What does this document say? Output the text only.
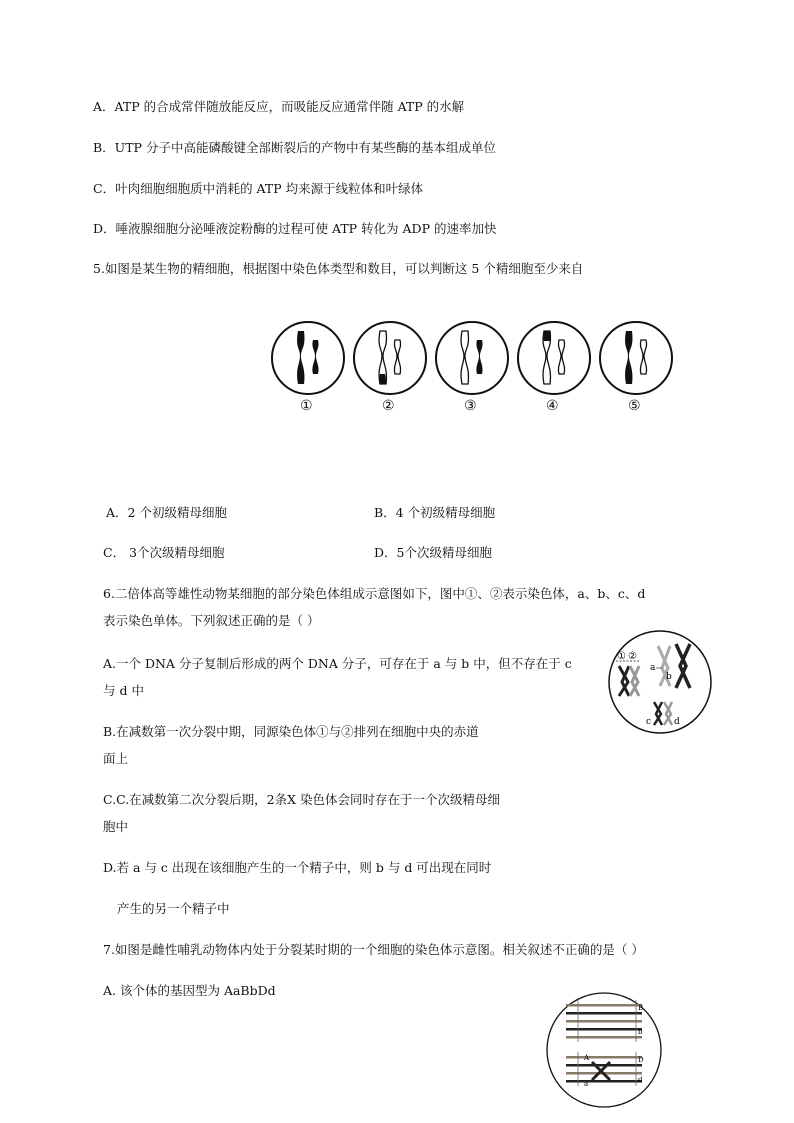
A．ATP 的合成常伴随放能反应，而吸能反应通常伴随 ATP 的水解
B．UTP 分子中高能磷酸键全部断裂后的产物中有某些酶的基本组成单位
C．叶肉细胞细胞质中消耗的 ATP 均来源于线粒体和叶绿体
D．唾液腺细胞分泌唾液淀粉酶的过程可使 ATP 转化为 ADP 的速率加快
5.如图是某生物的精细胞，根据图中染色体类型和数目，可以判断这 5 个精细胞至少来自
①	②	③	④	⑤
A．2 个初级精母细胞	B．4 个初级精母细胞
C． 3个次级精母细胞	D．5个次级精母细胞
6.二倍体高等雄性动物某细胞的部分染色体组成示意图如下，图中①、②表示染色体，a、b、c、d
表示染色单体。下列叙述正确的是（ ）
① ②
a
b
c	d
A.一个 DNA 分子复制后形成的两个 DNA 分子，可存在于 a 与 b 中，但不存在于 c
与 d 中
B.在减数第一次分裂中期，同源染色体①与②排列在细胞中央的赤道
面上
C.C.在减数第二次分裂后期，2条X 染色体会同时存在于一个次级精母细
胞中
D.若 a 与 c 出现在该细胞产生的一个精子中，则 b 与 d 可出现在同时
产生的另一个精子中
7.如图是雌性哺乳动物体内处于分裂某时期的一个细胞的染色体示意图。相关叙述不正确的是（ ）
A. 该个体的基因型为 AaBbDd
A
a
B
b
D
d
